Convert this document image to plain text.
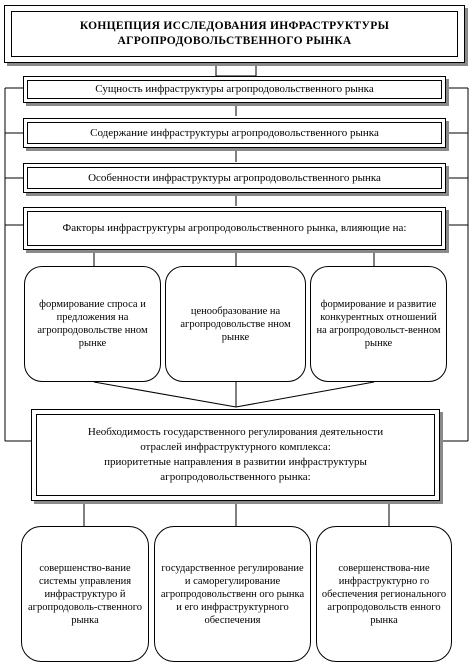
КОНЦЕПЦИЯ ИССЛЕДОВАНИЯ ИНФРАСТРУКТУРЫ
АГРОПРОДОВОЛЬСТВЕННОГО РЫНКА
Сущность инфраструктуры агропродовольственного рынка
Содержание инфраструктуры агропродовольственного рынка
Особенности инфраструктуры агропродовольственного рынка
Факторы инфраструктуры агропродовольственного рынка, влияющие на:
формирование спроса и предложения на агропродовольстве нном рынке
ценообразование на агропродовольстве нном рынке
формирование и развитие конкурентных отношений на агропродовольст-венном рынке
Необходимость государственного регулирования деятельности
отраслей инфраструктурного комплекса:
приоритетные направления в развитии инфраструктуры
агропродовольственного рынка:
совершенство-вание системы управления инфраструктуро й агропродоволь-ственного рынка
государственное регулирование и саморегулирование агропродовольственн ого рынка и его инфраструктурного обеспечения
совершенствова-ние инфраструктурно го обеспечения регионального агропродовольств енного рынка
